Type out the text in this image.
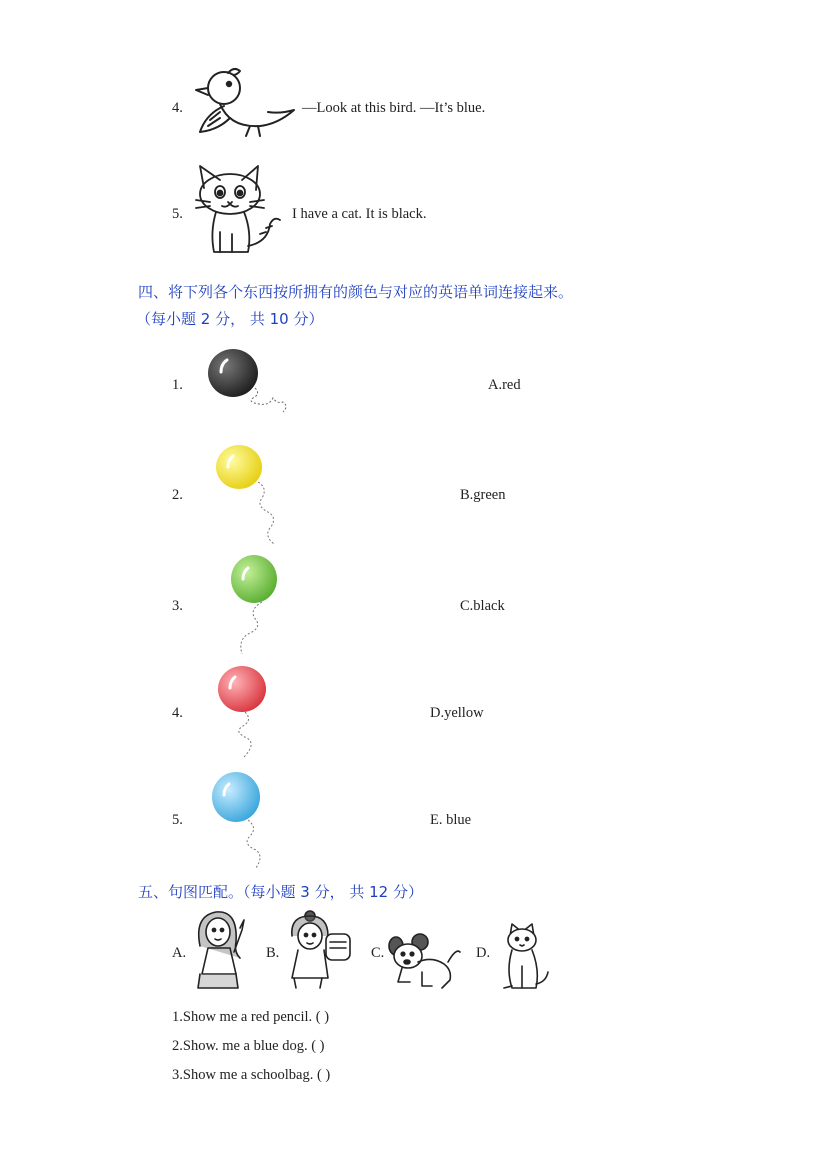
4.	—Look at this bird. —It’s blue.
5.	I have a cat. It is black.
四、将下列各个东西按所拥有的颜色与对应的英语单词连接起来。
（每小题 2 分， 共 10 分）
1.	A.red
2.	B.green
3.	C.black
4.	D.yellow
5.	E. blue
五、句图匹配。（每小题 3 分， 共 12 分）
A.	B.	C.	D.
1.Show me a red pencil. ( )
2.Show. me a blue dog. ( )
3.Show me a schoolbag. ( )
